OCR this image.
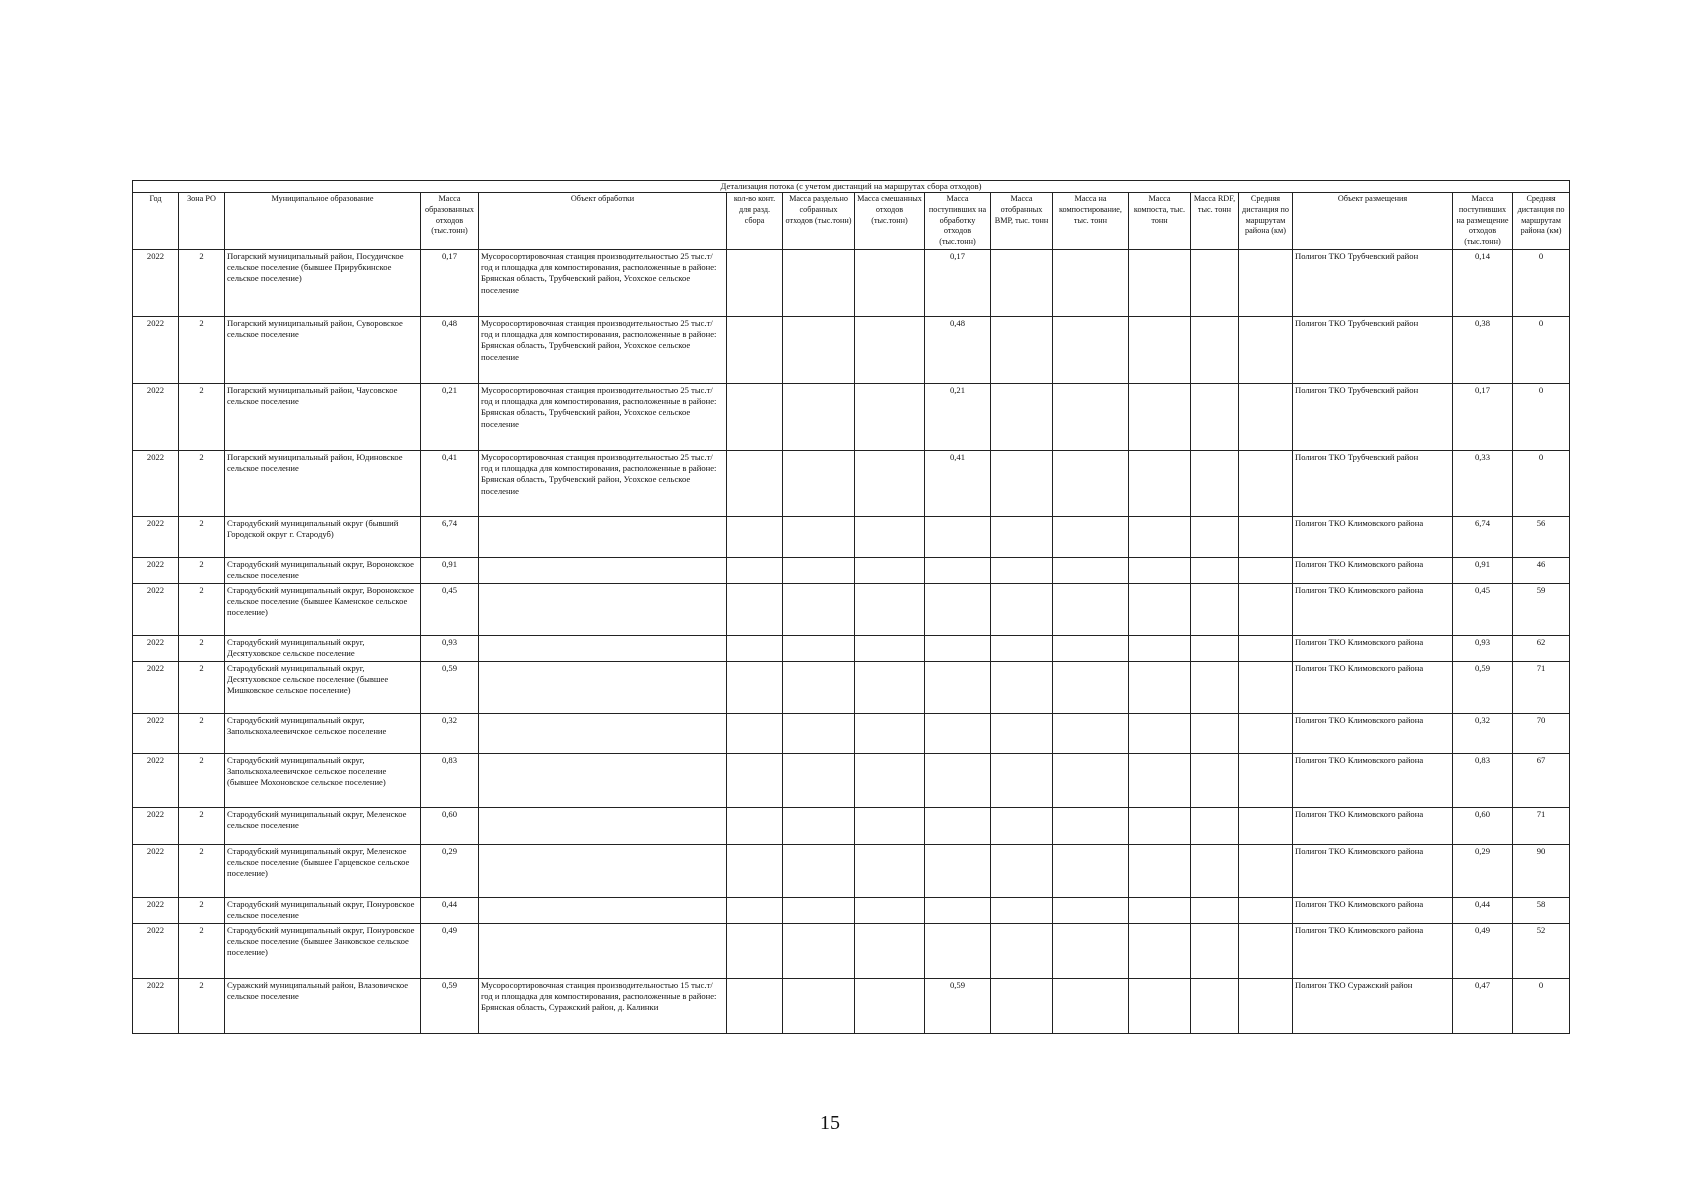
Детализация потока (с учетом дистанций на маршрутах сбора отходов)																
Год	Зона РО	Муниципальное образование	Масса образованных отходов (тыс.тонн)	Объект обработки	кол-во конт. для разд. сбора	Масса раздельно собранных отходов (тыс.тонн)	Масса смешанных отходов (тыс.тонн)	Масса поступивших на обработку отходов (тыс.тонн)	Масса отобранных ВМР, тыс. тонн	Масса на компостирование, тыс. тонн	Масса компоста, тыс. тонн	Масса RDF, тыс. тонн	Средняя дистанция по маршрутам района (км)	Объект размещения	Масса поступивших на размещение отходов (тыс.тонн)	Средняя дистанция по маршрутам района (км)
2022	2	Погарский муниципальный район, Посудичское сельское поселение (бывшее Прирубкинское сельское поселение)	0,17	Мусоросортировочная станция производительностью 25 тыс.т/год и площадка для компостирования, расположенные в районе: Брянская область, Трубчевский район, Усохское сельское поселение				0,17						Полигон ТКО Трубчевский район	0,14	0
2022	2	Погарский муниципальный район, Суворовское сельское поселение	0,48	Мусоросортировочная станция производительностью 25 тыс.т/год и площадка для компостирования, расположенные в районе: Брянская область, Трубчевский район, Усохское сельское поселение				0,48						Полигон ТКО Трубчевский район	0,38	0
2022	2	Погарский муниципальный район, Чаусовское сельское поселение	0,21	Мусоросортировочная станция производительностью 25 тыс.т/год и площадка для компостирования, расположенные в районе: Брянская область, Трубчевский район, Усохское сельское поселение				0,21						Полигон ТКО Трубчевский район	0,17	0
2022	2	Погарский муниципальный район, Юдиновское сельское поселение	0,41	Мусоросортировочная станция производительностью 25 тыс.т/год и площадка для компостирования, расположенные в районе: Брянская область, Трубчевский район, Усохское сельское поселение				0,41						Полигон ТКО Трубчевский район	0,33	0
2022	2	Стародубский муниципальный округ (бывший Городской округ г. Стародуб)	6,74											Полигон ТКО Климовского района	6,74	56
2022	2	Стародубский муниципальный округ, Воронокское сельское поселение	0,91											Полигон ТКО Климовского района	0,91	46
2022	2	Стародубский муниципальный округ, Воронокское сельское поселение (бывшее Каменское сельское поселение)	0,45											Полигон ТКО Климовского района	0,45	59
2022	2	Стародубский муниципальный округ, Десятуховское сельское поселение	0,93											Полигон ТКО Климовского района	0,93	62
2022	2	Стародубский муниципальный округ, Десятуховское сельское поселение (бывшее Мишковское сельское поселение)	0,59											Полигон ТКО Климовского района	0,59	71
2022	2	Стародубский муниципальный округ, Запольскохалеевичское сельское поселение	0,32											Полигон ТКО Климовского района	0,32	70
2022	2	Стародубский муниципальный округ, Запольскохалеевичское сельское поселение (бывшее Мохоновское сельское поселение)	0,83											Полигон ТКО Климовского района	0,83	67
2022	2	Стародубский муниципальный округ, Меленское сельское поселение	0,60											Полигон ТКО Климовского района	0,60	71
2022	2	Стародубский муниципальный округ, Меленское сельское поселение (бывшее Гарцевское сельское поселение)	0,29											Полигон ТКО Климовского района	0,29	90
2022	2	Стародубский муниципальный округ, Понуровское сельское поселение	0,44											Полигон ТКО Климовского района	0,44	58
2022	2	Стародубский муниципальный округ, Понуровское сельское поселение (бывшее Занковское сельское поселение)	0,49											Полигон ТКО Климовского района	0,49	52
2022	2	Суражский муниципальный район, Влазовичское сельское поселение	0,59	Мусоросортировочная станция производительностью 15 тыс.т/год и площадка для компостирования, расположенные в районе: Брянская область, Суражский район, д. Калинки				0,59						Полигон ТКО Суражский район	0,47	0
15
